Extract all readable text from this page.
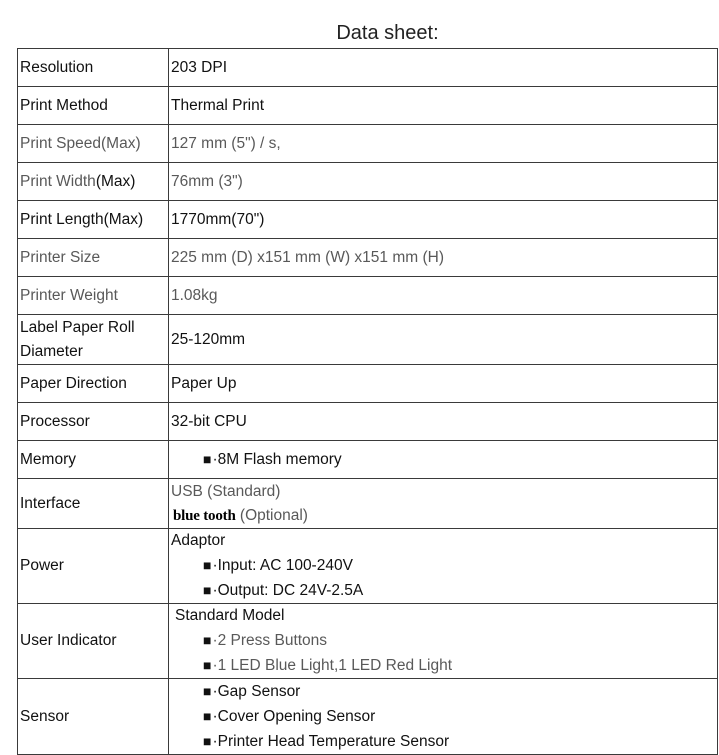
Data sheet:
Resolution	203 DPI
Print Method	Thermal Print
Print Speed(Max)	127 mm (5") / s,
Print Width(Max)	76mm (3")
Print Length(Max)	1770mm(70")
Printer Size	225 mm (D) x151 mm (W) x151 mm (H)
Printer Weight	1.08kg
Label Paper Roll Diameter	25-120mm
Paper Direction	Paper Up
Processor	32-bit CPU
Memory	■·8M Flash memory

Interface	USB (Standard)
blue tooth (Optional)

Power	Adaptor
■·Input: AC 100-240V
■·Output: DC 24V-2.5A

User Indicator	Standard Model
■·2 Press Buttons
■·1 LED Blue Light,1 LED Red Light

Sensor	■·Gap Sensor
■·Cover Opening Sensor
■·Printer Head Temperature Sensor
